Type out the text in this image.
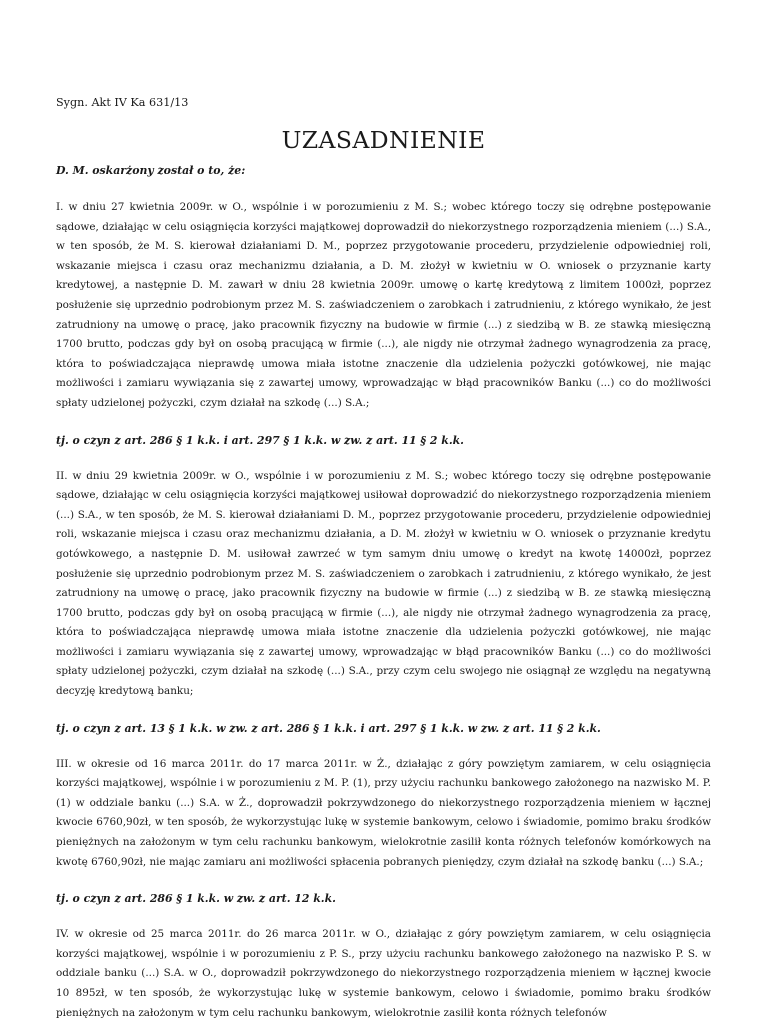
Sygn. Akt IV Ka 631/13

UZASADNIENIE

D. M. oskarżony został o to, że:

I. w dniu 27 kwietnia 2009r. w O., wspólnie i w porozumieniu z M. S.; wobec którego toczy się odrębne postępowanie sądowe, działając w celu osiągnięcia korzyści majątkowej doprowadził do niekorzystnego rozporządzenia mieniem (...) S.A., w ten sposób, że M. S. kierował działaniami D. M., poprzez przygotowanie procederu, przydzielenie odpowiedniej roli, wskazanie miejsca i czasu oraz mechanizmu działania, a D. M. złożył w kwietniu w O. wniosek o przyznanie karty kredytowej, a następnie D. M. zawarł w dniu 28 kwietnia 2009r. umowę o kartę kredytową z limitem 1000zł, poprzez posłużenie się uprzednio podrobionym przez M. S. zaświadczeniem o zarobkach i zatrudnieniu, z którego wynikało, że jest zatrudniony na umowę o pracę, jako pracownik fizyczny na budowie w firmie (...) z siedzibą w B. ze stawką miesięczną 1700 brutto, podczas gdy był on osobą pracującą w firmie (...), ale nigdy nie otrzymał żadnego wynagrodzenia za pracę, która to poświadczająca nieprawdę umowa miała istotne znaczenie dla udzielenia pożyczki gotówkowej, nie mając możliwości i zamiaru wywiązania się z zawartej umowy, wprowadzając w błąd pracowników Banku (...) co do możliwości spłaty udzielonej pożyczki, czym działał na szkodę (...) S.A.;

tj. o czyn z art. 286 § 1 k.k. i art. 297 § 1 k.k. w zw. z art. 11 § 2 k.k.

II. w dniu 29 kwietnia 2009r. w O., wspólnie i w porozumieniu z M. S.; wobec którego toczy się odrębne postępowanie sądowe, działając w celu osiągnięcia korzyści majątkowej usiłował doprowadzić do niekorzystnego rozporządzenia mieniem (...) S.A., w ten sposób, że M. S. kierował działaniami D. M., poprzez przygotowanie procederu, przydzielenie odpowiedniej roli, wskazanie miejsca i czasu oraz mechanizmu działania, a D. M. złożył w kwietniu w O. wniosek o przyznanie kredytu gotówkowego, a następnie D. M. usiłował zawrzeć w tym samym dniu umowę o kredyt na kwotę 14000zł, poprzez posłużenie się uprzednio podrobionym przez M. S. zaświadczeniem o zarobkach i zatrudnieniu, z którego wynikało, że jest zatrudniony na umowę o pracę, jako pracownik fizyczny na budowie w firmie (...) z siedzibą w B. ze stawką miesięczną 1700 brutto, podczas gdy był on osobą pracującą w firmie (...), ale nigdy nie otrzymał żadnego wynagrodzenia za pracę, która to poświadczająca nieprawdę umowa miała istotne znaczenie dla udzielenia pożyczki gotówkowej, nie mając możliwości i zamiaru wywiązania się z zawartej umowy, wprowadzając w błąd pracowników Banku (...) co do możliwości spłaty udzielonej pożyczki, czym działał na szkodę (...) S.A., przy czym celu swojego nie osiągnął ze względu na negatywną decyzję kredytową banku;

tj. o czyn z art. 13 § 1 k.k. w zw. z art. 286 § 1 k.k. i art. 297 § 1 k.k. w zw. z art. 11 § 2 k.k.

III. w okresie od 16 marca 2011r. do 17 marca 2011r. w Ż., działając z góry powziętym zamiarem, w celu osiągnięcia korzyści majątkowej, wspólnie i w porozumieniu z M. P. (1), przy użyciu rachunku bankowego założonego na nazwisko M. P. (1) w oddziale banku (...) S.A. w Ż., doprowadził pokrzywdzonego do niekorzystnego rozporządzenia mieniem w łącznej kwocie 6760,90zł, w ten sposób, że wykorzystując lukę w systemie bankowym, celowo i świadomie, pomimo braku środków pieniężnych na założonym w tym celu rachunku bankowym, wielokrotnie zasilił konta różnych telefonów komórkowych na kwotę 6760,90zł, nie mając zamiaru ani możliwości spłacenia pobranych pieniędzy, czym działał na szkodę banku (...) S.A.;

tj. o czyn z art. 286 § 1 k.k. w zw. z art. 12 k.k.

IV. w okresie od 25 marca 2011r. do 26 marca 2011r. w O., działając z góry powziętym zamiarem, w celu osiągnięcia korzyści majątkowej, wspólnie i w porozumieniu z P. S., przy użyciu rachunku bankowego założonego na nazwisko P. S. w oddziale banku (...) S.A. w O., doprowadził pokrzywdzonego do niekorzystnego rozporządzenia mieniem w łącznej kwocie 10 895zł, w ten sposób, że wykorzystując lukę w systemie bankowym, celowo i świadomie, pomimo braku środków pieniężnych na założonym w tym celu rachunku bankowym, wielokrotnie zasilił konta różnych telefonów
